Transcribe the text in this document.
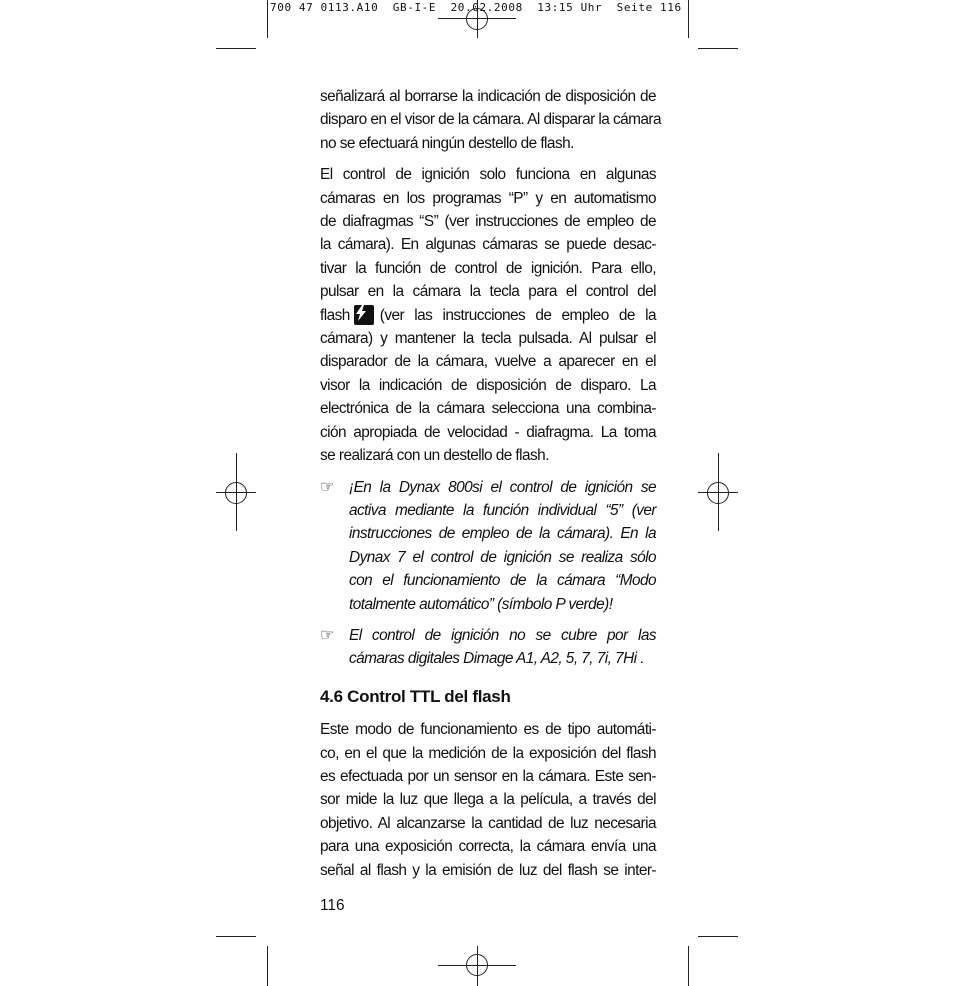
700 47 0113.A10  GB-I-E  20.02.2008  13:15 Uhr  Seite 116

señalizará al borrarse la indicación de disposición de
disparo en el visor de la cámara. Al disparar la cámara
no se efectuará ningún destello de flash.

El control de ignición solo funciona en algunas
cámaras en los programas “P” y en automatismo
de diafragmas “S” (ver instrucciones de empleo de
la cámara). En algunas cámaras se puede desac-
tivar la función de control de ignición. Para ello,
pulsar en la cámara la tecla para el control del
flash (ver las instrucciones de empleo de la
cámara) y mantener la tecla pulsada. Al pulsar el
disparador de la cámara, vuelve a aparecer en el
visor la indicación de disposición de disparo. La
electrónica de la cámara selecciona una combina-
ción apropiada de velocidad - diafragma. La toma
se realizará con un destello de flash.

☞ ¡En la Dynax 800si el control de ignición se
activa mediante la función individual “5” (ver
instrucciones de empleo de la cámara). En la
Dynax 7 el control de ignición se realiza sólo
con el funcionamiento de la cámara “Modo
totalmente automático” (símbolo P verde)!
☞ El control de ignición no se cubre por las
cámaras digitales Dimage A1, A2, 5, 7, 7i, 7Hi .
4.6 Control TTL del flash

Este modo de funcionamiento es de tipo automáti-
co, en el que la medición de la exposición del flash
es efectuada por un sensor en la cámara. Este sen-
sor mide la luz que llega a la película, a través del
objetivo. Al alcanzarse la cantidad de luz necesaria
para una exposición correcta, la cámara envía una
señal al flash y la emisión de luz del flash se inter-

116
